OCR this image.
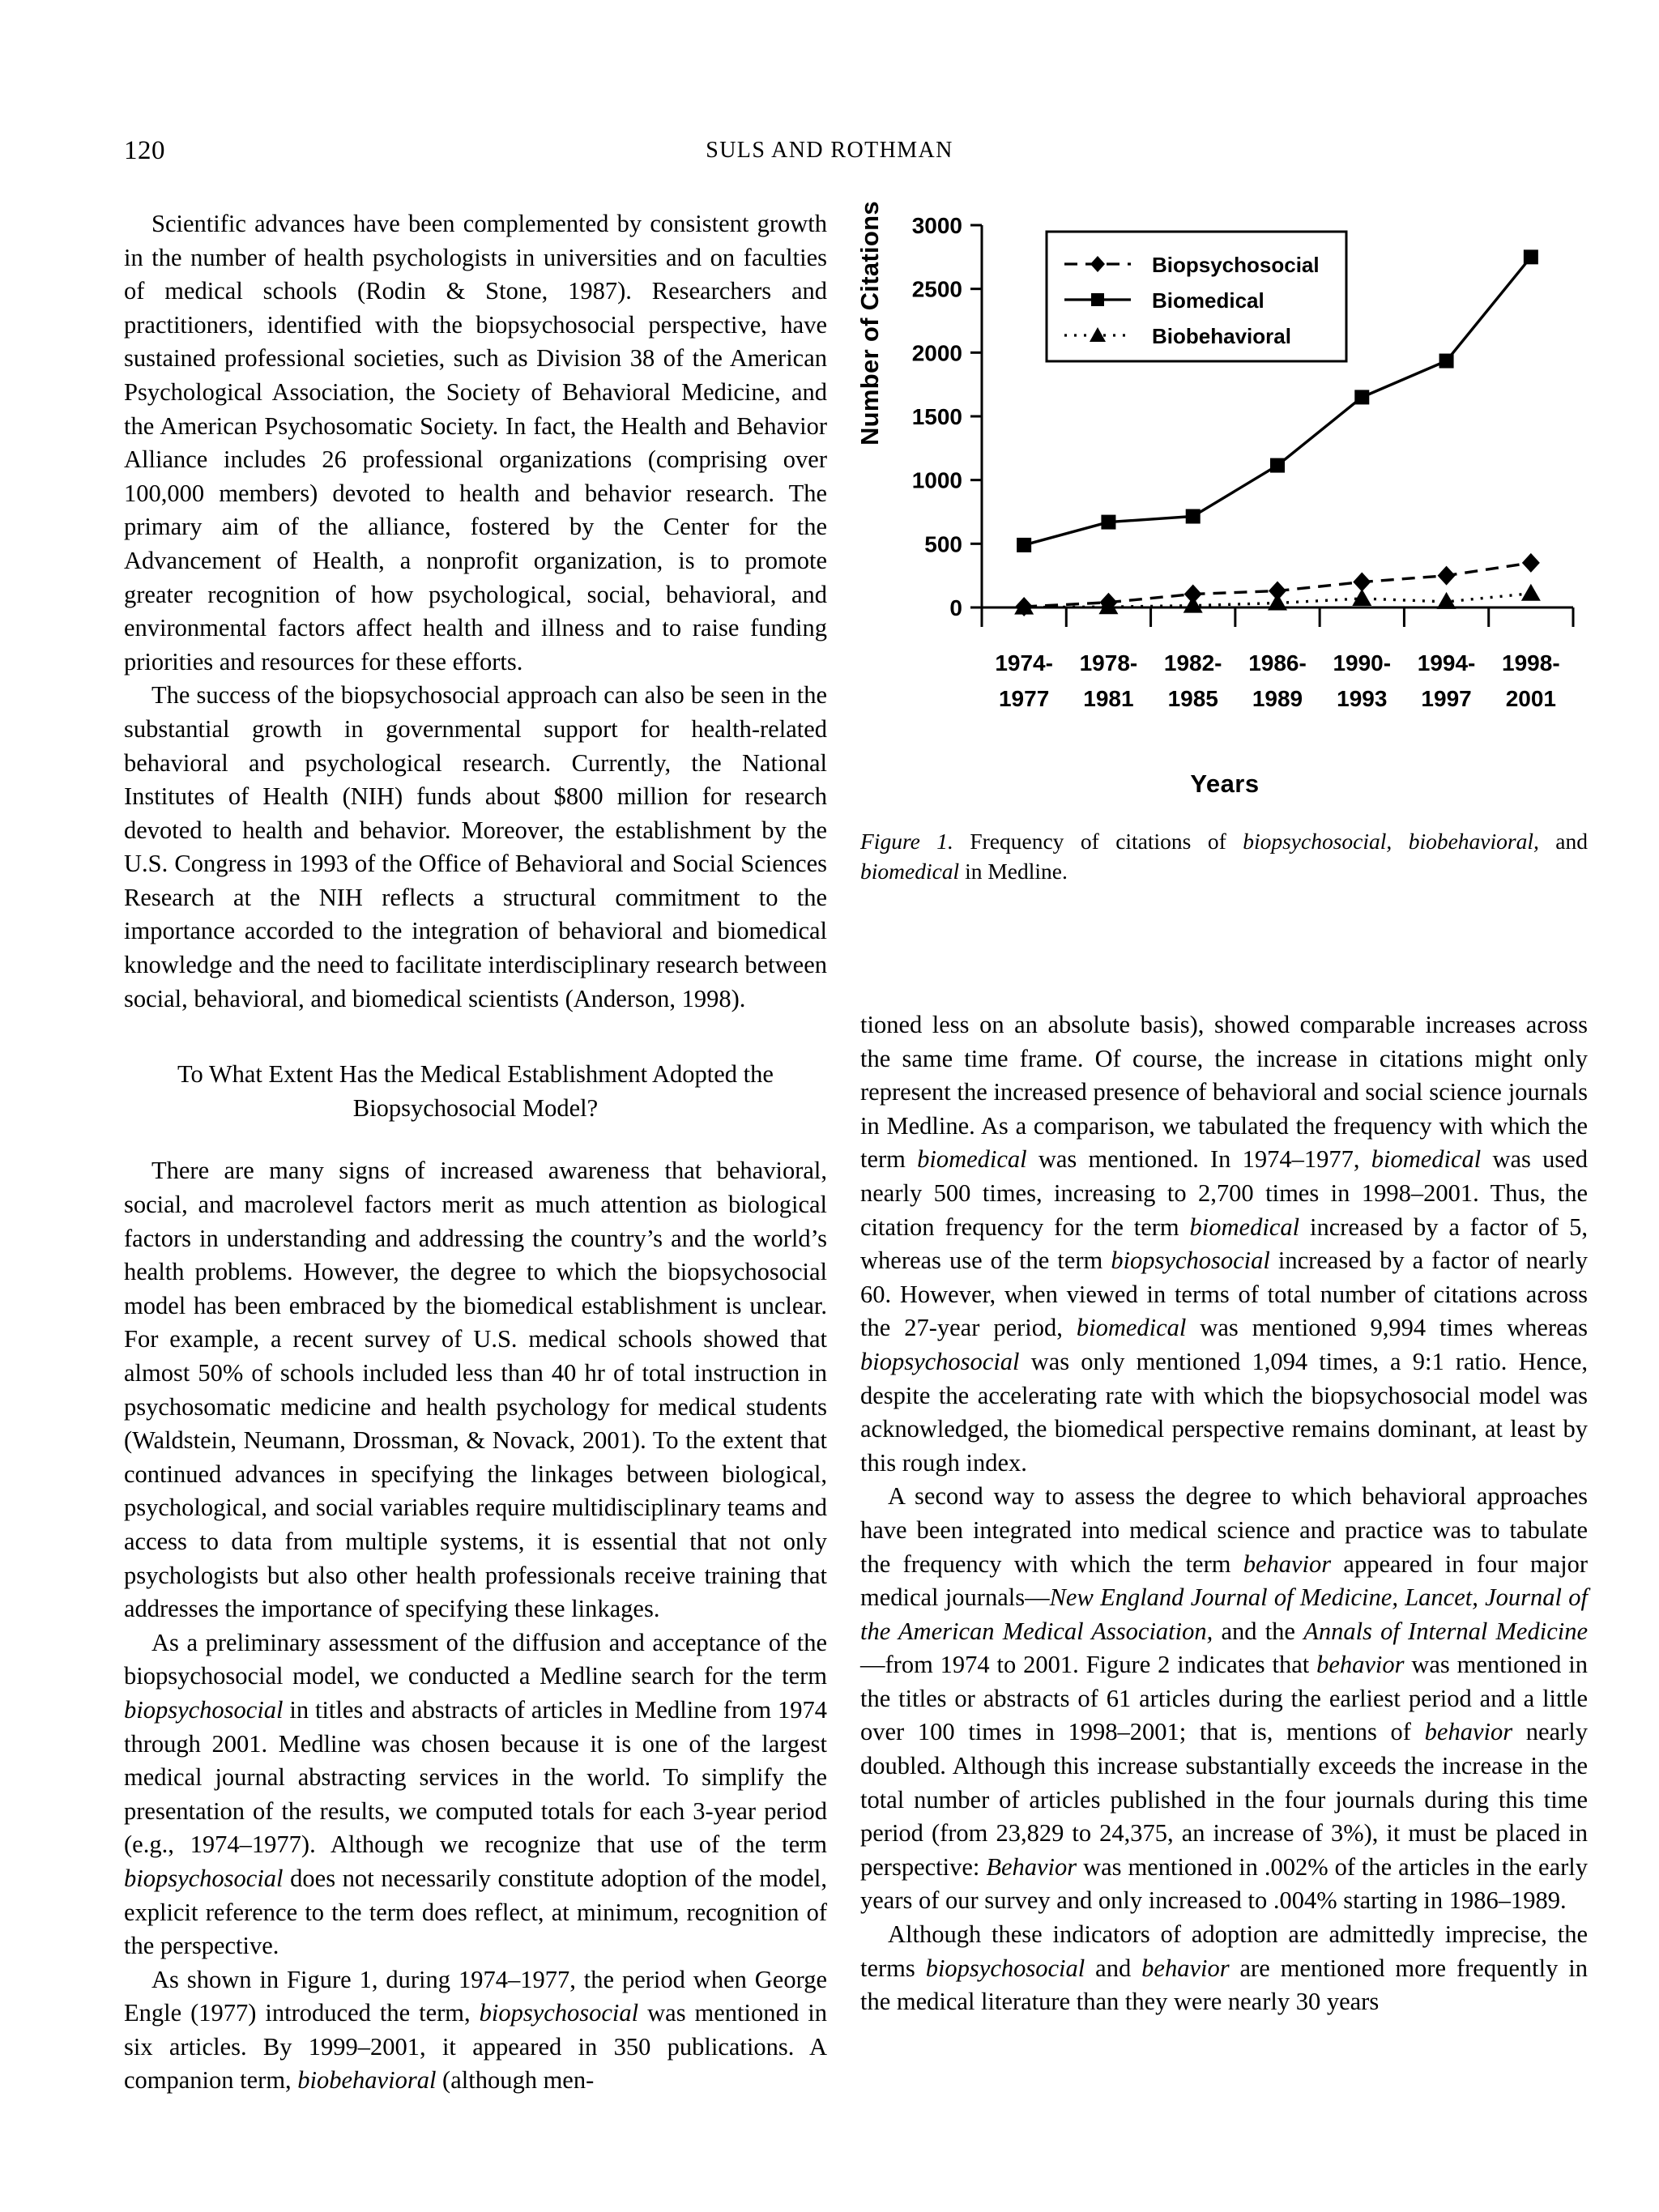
120	SULS AND ROTHMAN

Scientific advances have been complemented by consistent growth in the number of health psychologists in universities and on faculties of medical schools (Rodin & Stone, 1987). Researchers and practitioners, identified with the biopsychosocial perspective, have sustained professional societies, such as Division 38 of the American Psychological Association, the Society of Behavioral Medicine, and the American Psychosomatic Society. In fact, the Health and Behavior Alliance includes 26 professional organizations (comprising over 100,000 members) devoted to health and behavior research. The primary aim of the alliance, fostered by the Center for the Advancement of Health, a nonprofit organization, is to promote greater recognition of how psychological, social, behavioral, and environmental factors affect health and illness and to raise funding priorities and resources for these efforts.

The success of the biopsychosocial approach can also be seen in the substantial growth in governmental support for health-related behavioral and psychological research. Currently, the National Institutes of Health (NIH) funds about $800 million for research devoted to health and behavior. Moreover, the establishment by the U.S. Congress in 1993 of the Office of Behavioral and Social Sciences Research at the NIH reflects a structural commitment to the importance accorded to the integration of behavioral and biomedical knowledge and the need to facilitate interdisciplinary research between social, behavioral, and biomedical scientists (Anderson, 1998).

To What Extent Has the Medical Establishment Adopted the Biopsychosocial Model?

There are many signs of increased awareness that behavioral, social, and macrolevel factors merit as much attention as biological factors in understanding and addressing the country’s and the world’s health problems. However, the degree to which the biopsychosocial model has been embraced by the biomedical establishment is unclear. For example, a recent survey of U.S. medical schools showed that almost 50% of schools included less than 40 hr of total instruction in psychosomatic medicine and health psychology for medical students (Waldstein, Neumann, Drossman, & Novack, 2001). To the extent that continued advances in specifying the linkages between biological, psychological, and social variables require multidisciplinary teams and access to data from multiple systems, it is essential that not only psychologists but also other health professionals receive training that addresses the importance of specifying these linkages.

As a preliminary assessment of the diffusion and acceptance of the biopsychosocial model, we conducted a Medline search for the term biopsychosocial in titles and abstracts of articles in Medline from 1974 through 2001. Medline was chosen because it is one of the largest medical journal abstracting services in the world. To simplify the presentation of the results, we computed totals for each 3-year period (e.g., 1974–1977). Although we recognize that use of the term biopsychosocial does not necessarily constitute adoption of the model, explicit reference to the term does reflect, at minimum, recognition of the perspective.

As shown in Figure 1, during 1974–1977, the period when George Engle (1977) introduced the term, biopsychosocial was mentioned in six articles. By 1999–2001, it appeared in 350 publications. A companion term, biobehavioral (although men-

Number of Citations
0
500
1000
1500
2000
2500
3000
1974-
1977
1978-
1981
1982-
1985
1986-
1989
1990-
1993
1994-
1997
1998-
2001
Biopsychosocial
Biomedical
Biobehavioral
Years
Figure 1. Frequency of citations of biopsychosocial, biobehavioral, and biomedical in Medline.

tioned less on an absolute basis), showed comparable increases across the same time frame. Of course, the increase in citations might only represent the increased presence of behavioral and social science journals in Medline. As a comparison, we tabulated the frequency with which the term biomedical was mentioned. In 1974–1977, biomedical was used nearly 500 times, increasing to 2,700 times in 1998–2001. Thus, the citation frequency for the term biomedical increased by a factor of 5, whereas use of the term biopsychosocial increased by a factor of nearly 60. However, when viewed in terms of total number of citations across the 27-year period, biomedical was mentioned 9,994 times whereas biopsychosocial was only mentioned 1,094 times, a 9:1 ratio. Hence, despite the accelerating rate with which the biopsychosocial model was acknowledged, the biomedical perspective remains dominant, at least by this rough index.

A second way to assess the degree to which behavioral approaches have been integrated into medical science and practice was to tabulate the frequency with which the term behavior appeared in four major medical journals—New England Journal of Medicine, Lancet, Journal of the American Medical Association, and the Annals of Internal Medicine—from 1974 to 2001. Figure 2 indicates that behavior was mentioned in the titles or abstracts of 61 articles during the earliest period and a little over 100 times in 1998–2001; that is, mentions of behavior nearly doubled. Although this increase substantially exceeds the increase in the total number of articles published in the four journals during this time period (from 23,829 to 24,375, an increase of 3%), it must be placed in perspective: Behavior was mentioned in .002% of the articles in the early years of our survey and only increased to .004% starting in 1986–1989.

Although these indicators of adoption are admittedly imprecise, the terms biopsychosocial and behavior are mentioned more frequently in the medical literature than they were nearly 30 years
